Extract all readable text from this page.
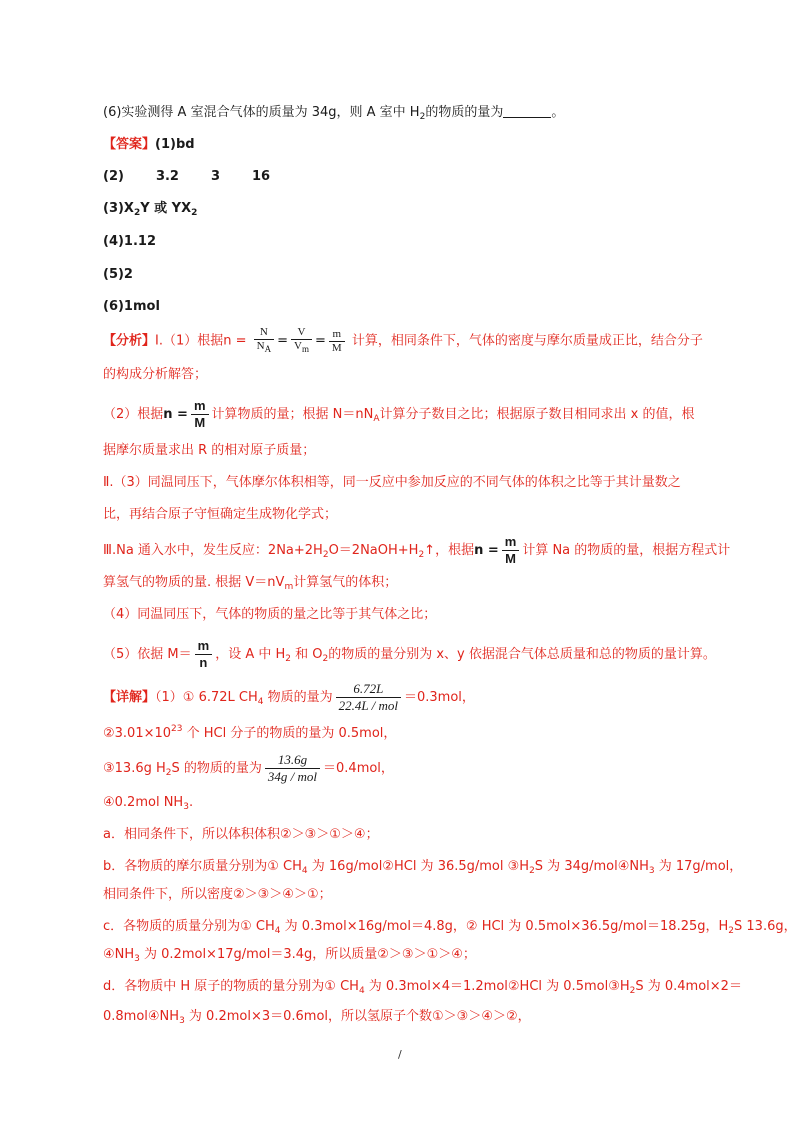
(6)实验测得 A 室混合气体的质量为 34g，则 A 室中 $H_2$的物质的量为	。
【答案】(1)bd
(2) 3.2 3 16
$(3)X_2Y$ 或 $YX_2$
(4)1.12
(5)2
(6)1mol
【分析】Ⅰ.（1）根据$n = \frac{N}{N_A} = \frac{V}{V_m} = \frac{m}{M}$ 计算，相同条件下，气体的密度与摩尔质量成正比，结合分子
的构成分析解答；
（2）根据$n = \frac{m}{M}$ 计算物质的量；根据 $N=nN_A$计算分子数目之比；根据原子数目相同求出 x 的值，根
据摩尔质量求出 R 的相对原子质量；
Ⅱ.（3）同温同压下，气体摩尔体积相等，同一反应中参加反应的不同气体的体积之比等于其计量数之
比，再结合原子守恒确定生成物化学式；
Ⅲ.Na 通入水中，发生反应：$2Na+2H_2O=2NaOH+H_2↑$，根据$n = \frac{m}{M}$ 计算 Na 的物质的量，根据方程式计
算氢气的物质的量. 根据 $V=nV_m$计算氢气的体积；
（4）同温同压下，气体的物质的量之比等于其气体之比；
（5）依据 $M= \frac{m}{n}$ ，设 A 中 $H_2$ 和 $O_2$的物质的量分别为 x、y 依据混合气体总质量和总的物质的量计算。
【详解】（1）① 6.72L $CH_4$ 物质的量为 $\frac{6.72L}{\text{22.4L / mol}} =0.3mol$，
$②3.01\times 10^{23}$ 个 HCl 分子的物质的量为 0.5mol，
③13.6g $H_2S$ 的物质的量为 $\frac{13.6g}{\text{34g / mol}} =0.4mol$，
④0.2mol $NH_3$.
a．相同条件下，所以体积体积②＞③＞①＞④；
b．各物质的摩尔质量分别为① $CH_4$ 为 16g/mol②HCl 为 36.5g/mol $③H_2S$ 为 $34g/mol④NH_3$ 为 17g/mol，
相同条件下，所以密度②＞③＞④＞①；
c．各物质的质量分别为① $CH_4$ 为 0.3mol×16g/mol＝4.8g，② HCl 为 0.5mol×36.5g/mol＝18.25g，$H_2S$ 13.6g，
$④NH_3$ 为 0.2mol×17g/mol＝3.4g，所以质量②＞③＞①＞④；
d．各物质中 H 原子的物质的量分别为① $CH_4$ 为 0.3mol×4＝1.2mol②HCl 为 $0.5mol③H_2S$ 为 0.4mol×2＝
$0.8mol④NH_3$ 为 0.2mol×3＝0.6mol，所以氢原子个数①＞③＞④＞②，
/
